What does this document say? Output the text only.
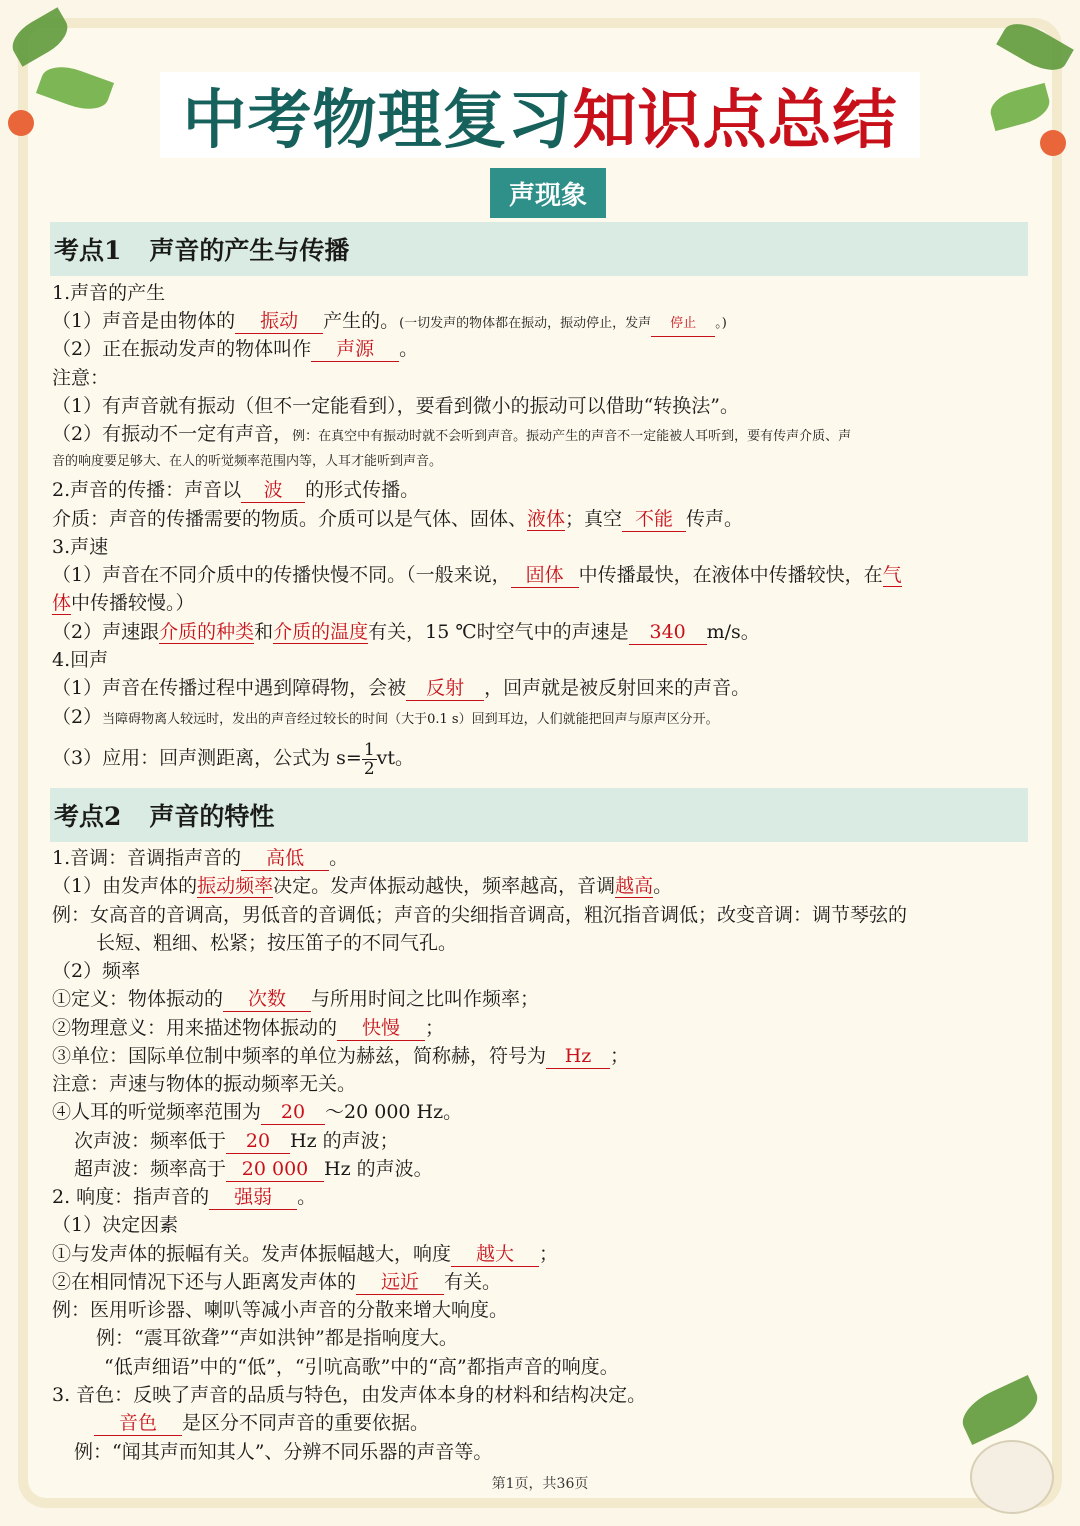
中考物理复习 知识点总结
声现象
考点1 声音的产生与传播
1.声音的产生
（1）声音是由物体的 振动 产生的。(一切发声的物体都在振动，振动停止，发声 停止 。)
（2）正在振动发声的物体叫作 声源 。
注意：
（1）有声音就有振动（但不一定能看到），要看到微小的振动可以借助“转换法”。
（2）有振动不一定有声音，例：在真空中有振动时就不会听到声音。振动产生的声音不一定能被人耳听到，要有传声介质、声
音的响度要足够大、在人的听觉频率范围内等，人耳才能听到声音。
2.声音的传播：声音以 波 的形式传播。
介质：声音的传播需要的物质。介质可以是气体、固体、液体；真空 不能 传声。
3.声速
（1）声音在不同介质中的传播快慢不同。（一般来说， 固体 中传播最快，在液体中传播较快，在气
体中传播较慢。）
（2）声速跟介质的种类和介质的温度有关，15 ℃时空气中的声速是 340 m/s。
4.回声
（1）声音在传播过程中遇到障碍物，会被 反射 ，回声就是被反射回来的声音。
（2）当障碍物离人较远时，发出的声音经过较长的时间（大于0.1 s）回到耳边，人们就能把回声与原声区分开。
（3）应用：回声测距离，公式为 $s= \frac{1}{2}$ vt。
考点2 声音的特性
1.音调：音调指声音的 高低 。
（1）由发声体的振动频率决定。发声体振动越快，频率越高，音调越高。
例：女高音的音调高，男低音的音调低；声音的尖细指音调高，粗沉指音调低；改变音调：调节琴弦的
长短、粗细、松紧；按压笛子的不同气孔。
（2）频率
①定义：物体振动的 次数 与所用时间之比叫作频率；
②物理意义：用来描述物体振动的 快慢 ；
③单位：国际单位制中频率的单位为赫兹，简称赫，符号为 Hz ；
注意：声速与物体的振动频率无关。
④人耳的听觉频率范围为 20 ～20 000 Hz。
次声波：频率低于 20 Hz 的声波；
超声波：频率高于 20 000 Hz 的声波。
2. 响度：指声音的 强弱 。
（1）决定因素
①与发声体的振幅有关。发声体振幅越大，响度 越大 ；
②在相同情况下还与人距离发声体的 远近 有关。
例：医用听诊器、喇叭等减小声音的分散来增大响度。
例：“震耳欲聋”“声如洪钟”都是指响度大。
“低声细语”中的“低”，“引吭高歌”中的“高”都指声音的响度。
3. 音色：反映了声音的品质与特色，由发声体本身的材料和结构决定。
音色 是区分不同声音的重要依据。
例：“闻其声而知其人”、分辨不同乐器的声音等。
第1页，共36页
